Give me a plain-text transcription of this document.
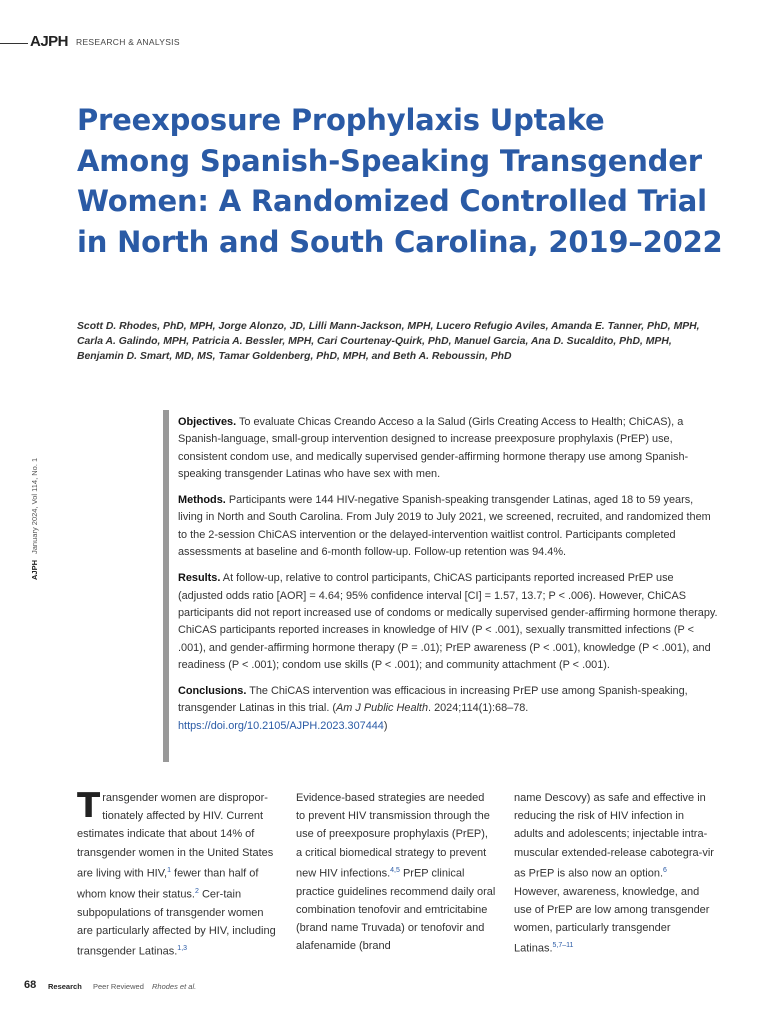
AJPH RESEARCH & ANALYSIS
Preexposure Prophylaxis Uptake Among Spanish-Speaking Transgender Women: A Randomized Controlled Trial in North and South Carolina, 2019–2022

Scott D. Rhodes, PhD, MPH, Jorge Alonzo, JD, Lilli Mann-Jackson, MPH, Lucero Refugio Aviles, Amanda E. Tanner, PhD, MPH, Carla A. Galindo, MPH, Patricia A. Bessler, MPH, Cari Courtenay-Quirk, PhD, Manuel Garcia, Ana D. Sucaldito, PhD, MPH, Benjamin D. Smart, MD, MS, Tamar Goldenberg, PhD, MPH, and Beth A. Reboussin, PhD

AJPHJanuary 2024, Vol 114, No. 1

Objectives. To evaluate Chicas Creando Acceso a la Salud (Girls Creating Access to Health; ChiCAS), a Spanish-language, small-group intervention designed to increase preexposure prophylaxis (PrEP) use, consistent condom use, and medically supervised gender-affirming hormone therapy use among Spanish-speaking transgender Latinas who have sex with men.

Methods. Participants were 144 HIV-negative Spanish-speaking transgender Latinas, aged 18 to 59 years, living in North and South Carolina. From July 2019 to July 2021, we screened, recruited, and randomized them to the 2-session ChiCAS intervention or the delayed-intervention waitlist control. Participants completed assessments at baseline and 6-month follow-up. Follow-up retention was 94.4%.

Results. At follow-up, relative to control participants, ChiCAS participants reported increased PrEP use (adjusted odds ratio [AOR] = 4.64; 95% confidence interval [CI] = 1.57, 13.7; P < .006). However, ChiCAS participants did not report increased use of condoms or medically supervised gender-affirming hormone therapy. ChiCAS participants reported increases in knowledge of HIV (P < .001), sexually transmitted infections (P < .001), and gender-affirming hormone therapy (P = .01); PrEP awareness (P < .001), knowledge (P < .001), and readiness (P < .001); condom use skills (P < .001); and community attachment (P < .001).

Conclusions. The ChiCAS intervention was efficacious in increasing PrEP use among Spanish-speaking, transgender Latinas in this trial. (Am J Public Health. 2024;114(1):68–78. https://doi.org/10.2105/AJPH.2023.307444)

Transgender women are dispropor-tionately affected by HIV. Current estimates indicate that about 14% of transgender women in the United States are living with HIV,$^1$ fewer than half of whom know their status.$^2$ Cer-tain subpopulations of transgender women are particularly affected by HIV, including transgender Latinas.$^{1,3}$
Evidence-based strategies are needed to prevent HIV transmission through the use of preexposure prophylaxis (PrEP), a critical biomedical strategy to prevent new HIV infections.$^{4,5}$ PrEP clinical practice guidelines recommend daily oral combination tenofovir and emtricitabine (brand name Truvada) or tenofovir and alafenamide (brand
name Descovy) as safe and effective in reducing the risk of HIV infection in adults and adolescents; injectable intra-muscular extended-release cabotegra-vir as PrEP is also now an option.$^6$ However, awareness, knowledge, and use of PrEP are low among transgender women, particularly transgender Latinas.$^{5,7-11}$
68 Research Peer Reviewed Rhodes et al.
